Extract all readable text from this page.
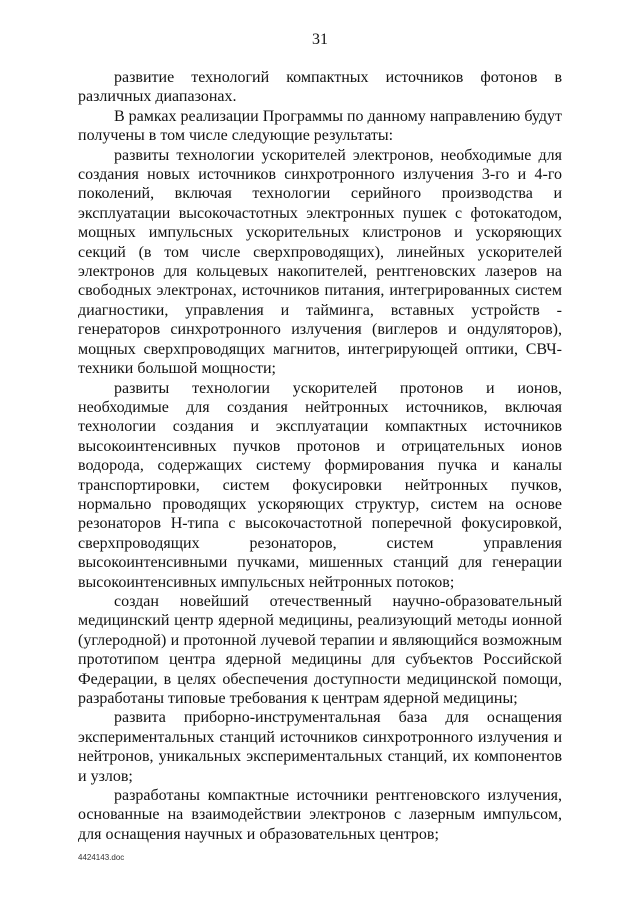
31

развитие технологий компактных источников фотонов в различных диапазонах.

В рамках реализации Программы по данному направлению будут получены в том числе следующие результаты:

развиты технологии ускорителей электронов, необходимые для создания новых источников синхротронного излучения 3-го и 4-го поколений, включая технологии серийного производства и эксплуатации высокочастотных электронных пушек с фотокатодом, мощных импульсных ускорительных клистронов и ускоряющих секций (в том числе сверхпроводящих), линейных ускорителей электронов для кольцевых накопителей, рентгеновских лазеров на свободных электронах, источников питания, интегрированных систем диагностики, управления и тайминга, вставных устройств - генераторов синхротронного излучения (виглеров и ондуляторов), мощных сверхпроводящих магнитов, интегрирующей оптики, СВЧ-техники большой мощности;

развиты технологии ускорителей протонов и ионов, необходимые для создания нейтронных источников, включая технологии создания и эксплуатации компактных источников высокоинтенсивных пучков протонов и отрицательных ионов водорода, содержащих систему формирования пучка и каналы транспортировки, систем фокусировки нейтронных пучков, нормально проводящих ускоряющих структур, систем на основе резонаторов Н-типа с высокочастотной поперечной фокусировкой, сверхпроводящих резонаторов, систем управления высокоинтенсивными пучками, мишенных станций для генерации высокоинтенсивных импульсных нейтронных потоков;

создан новейший отечественный научно-образовательный медицинский центр ядерной медицины, реализующий методы ионной (углеродной) и протонной лучевой терапии и являющийся возможным прототипом центра ядерной медицины для субъектов Российской Федерации, в целях обеспечения доступности медицинской помощи, разработаны типовые требования к центрам ядерной медицины;

развита приборно-инструментальная база для оснащения экспериментальных станций источников синхротронного излучения и нейтронов, уникальных экспериментальных станций, их компонентов и узлов;

разработаны компактные источники рентгеновского излучения, основанные на взаимодействии электронов с лазерным импульсом, для оснащения научных и образовательных центров;

4424143.doc
